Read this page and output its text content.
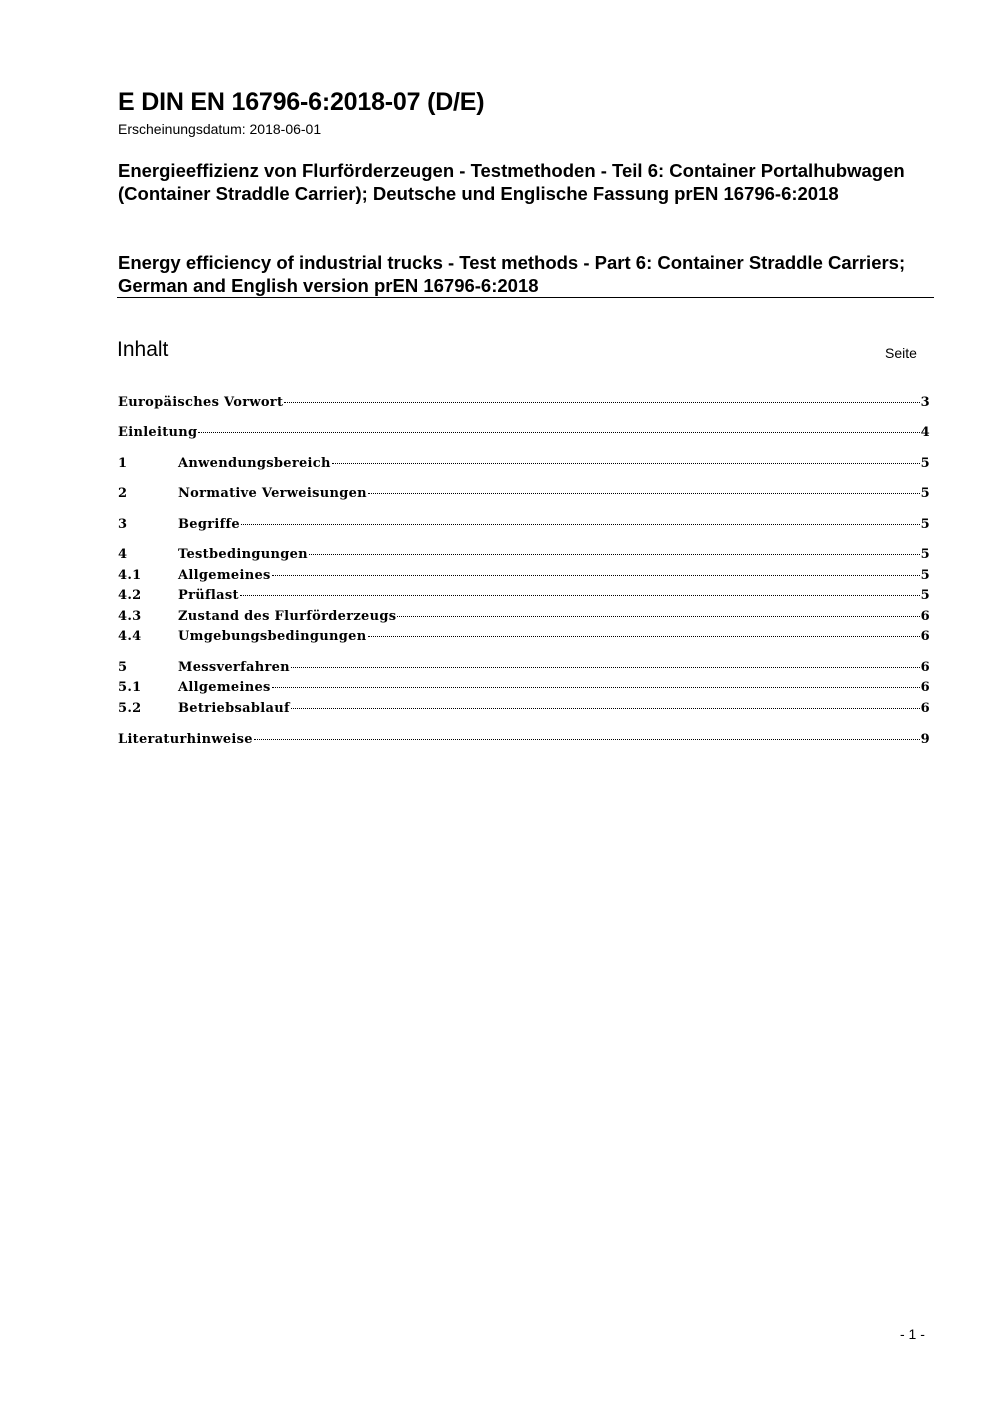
E DIN EN 16796-6:2018-07 (D/E)
Erscheinungsdatum: 2018-06-01
Energieeffizienz von Flurförderzeugen - Testmethoden - Teil 6: Container Portalhubwagen (Container Straddle Carrier); Deutsche und Englische Fassung prEN 16796-6:2018
Energy efficiency of industrial trucks - Test methods - Part 6: Container Straddle Carriers; German and English version prEN 16796-6:2018
Inhalt	Seite
Europäisches Vorwort	3
Einleitung	4
1	Anwendungsbereich	5
2	Normative Verweisungen	5
3	Begriffe	5
4	Testbedingungen	5
4.1	Allgemeines	5
4.2	Prüflast	5
4.3	Zustand des Flurförderzeugs	6
4.4	Umgebungsbedingungen	6
5	Messverfahren	6
5.1	Allgemeines	6
5.2	Betriebsablauf	6
Literaturhinweise	9
- 1 -
